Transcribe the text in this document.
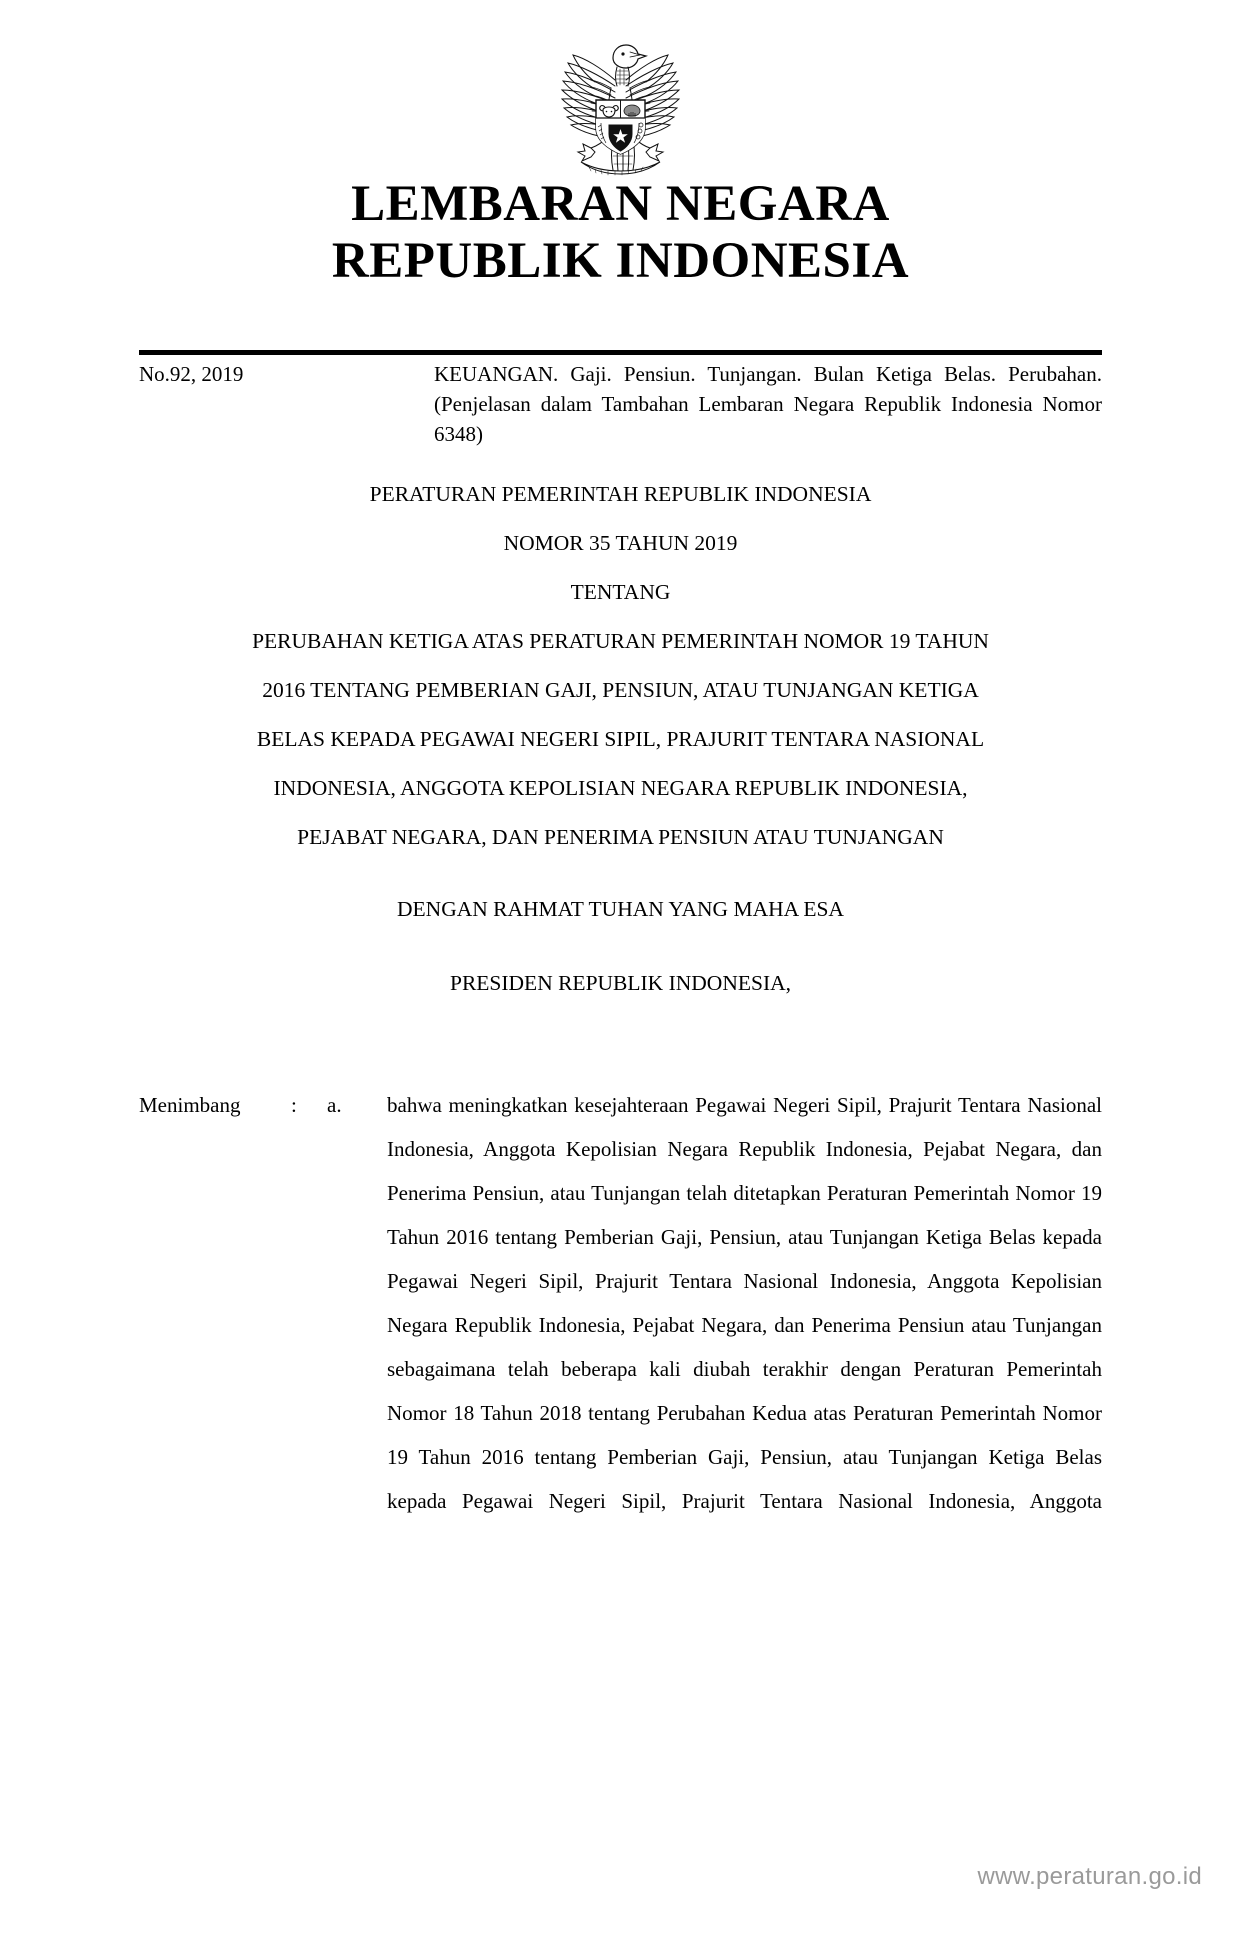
LEMBARAN NEGARA
REPUBLIK INDONESIA
No.92, 2019	KEUANGAN. Gaji. Pensiun. Tunjangan. Bulan Ketiga Belas. Perubahan. (Penjelasan dalam Tambahan Lembaran Negara Republik Indonesia Nomor 6348)
PERATURAN PEMERINTAH REPUBLIK INDONESIA
NOMOR 35 TAHUN 2019
TENTANG
PERUBAHAN KETIGA ATAS PERATURAN PEMERINTAH NOMOR 19 TAHUN
2016 TENTANG PEMBERIAN GAJI, PENSIUN, ATAU TUNJANGAN KETIGA
BELAS KEPADA PEGAWAI NEGERI SIPIL, PRAJURIT TENTARA NASIONAL
INDONESIA, ANGGOTA KEPOLISIAN NEGARA REPUBLIK INDONESIA,
PEJABAT NEGARA, DAN PENERIMA PENSIUN ATAU TUNJANGAN
DENGAN RAHMAT TUHAN YANG MAHA ESA
PRESIDEN REPUBLIK INDONESIA,
Menimbang	:	a.	bahwa meningkatkan kesejahteraan Pegawai Negeri Sipil, Prajurit Tentara Nasional Indonesia, Anggota Kepolisian Negara Republik Indonesia, Pejabat Negara, dan Penerima Pensiun, atau Tunjangan telah ditetapkan Peraturan Pemerintah Nomor 19 Tahun 2016 tentang Pemberian Gaji, Pensiun, atau Tunjangan Ketiga Belas kepada Pegawai Negeri Sipil, Prajurit Tentara Nasional Indonesia, Anggota Kepolisian Negara Republik Indonesia, Pejabat Negara, dan Penerima Pensiun atau Tunjangan sebagaimana telah beberapa kali diubah terakhir dengan Peraturan Pemerintah Nomor 18 Tahun 2018 tentang Perubahan Kedua atas Peraturan Pemerintah Nomor 19 Tahun 2016 tentang Pemberian Gaji, Pensiun, atau Tunjangan Ketiga Belas kepada Pegawai Negeri Sipil, Prajurit Tentara Nasional Indonesia, Anggota
www.peraturan.go.id
